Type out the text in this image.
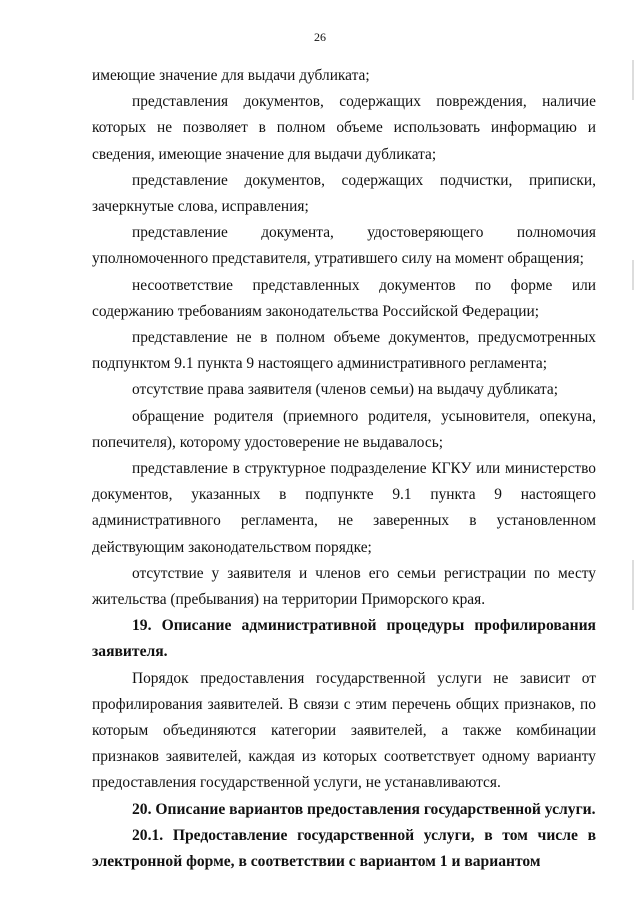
26

имеющие значение для выдачи дубликата;

представления документов, содержащих повреждения, наличие которых не позволяет в полном объеме использовать информацию и сведения, имеющие значение для выдачи дубликата;

представление документов, содержащих подчистки, приписки, зачеркнутые слова, исправления;

представление документа, удостоверяющего полномочия уполномоченного представителя, утратившего силу на момент обращения;

несоответствие представленных документов по форме или содержанию требованиям законодательства Российской Федерации;

представление не в полном объеме документов, предусмотренных подпунктом 9.1 пункта 9 настоящего административного регламента;

отсутствие права заявителя (членов семьи) на выдачу дубликата;

обращение родителя (приемного родителя, усыновителя, опекуна, попечителя), которому удостоверение не выдавалось;

представление в структурное подразделение КГКУ или министерство документов, указанных в подпункте 9.1 пункта 9 настоящего административного регламента, не заверенных в установленном действующим законодательством порядке;

отсутствие у заявителя и членов его семьи регистрации по месту жительства (пребывания) на территории Приморского края.

19. Описание административной процедуры профилирования заявителя.

Порядок предоставления государственной услуги не зависит от профилирования заявителей. В связи с этим перечень общих признаков, по которым объединяются категории заявителей, а также комбинации признаков заявителей, каждая из которых соответствует одному варианту предоставления государственной услуги, не устанавливаются.

20. Описание вариантов предоставления государственной услуги.

20.1. Предоставление государственной услуги, в том числе в электронной форме, в соответствии с вариантом 1 и вариантом
